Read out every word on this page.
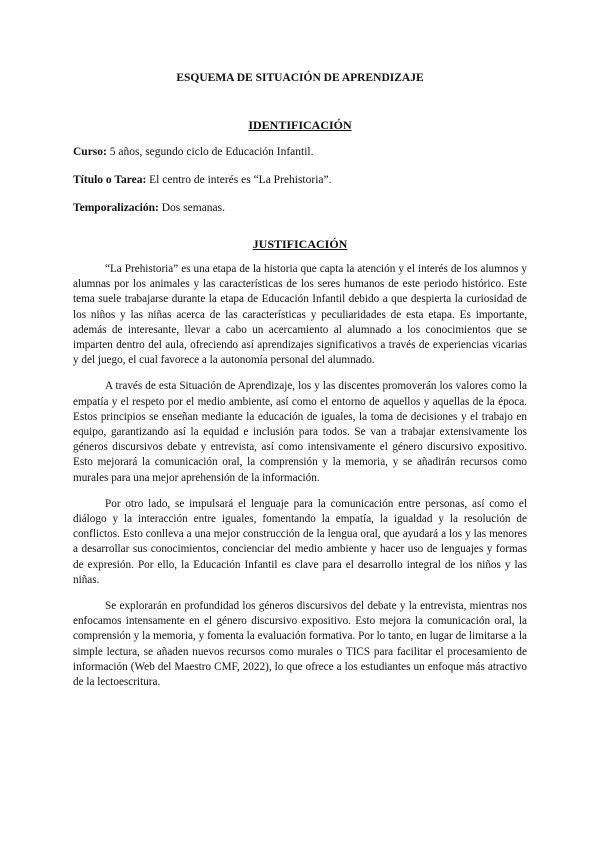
ESQUEMA DE SITUACIÓN DE APRENDIZAJE
IDENTIFICACIÓN

Curso: 5 años, segundo ciclo de Educación Infantil.

Título o Tarea: El centro de interés es “La Prehistoria”.

Temporalización: Dos semanas.

JUSTIFICACIÓN

“La Prehistoria” es una etapa de la historia que capta la atención y el interés de los alumnos y alumnas por los animales y las características de los seres humanos de este periodo histórico. Este tema suele trabajarse durante la etapa de Educación Infantil debido a que despierta la curiosidad de los niños y las niñas acerca de las características y peculiaridades de esta etapa. Es importante, además de interesante, llevar a cabo un acercamiento al alumnado a los conocimientos que se imparten dentro del aula, ofreciendo así aprendizajes significativos a través de experiencias vicarias y del juego, el cual favorece a la autonomía personal del alumnado.

A través de esta Situación de Aprendizaje, los y las discentes promoverán los valores como la empatía y el respeto por el medio ambiente, así como el entorno de aquellos y aquellas de la época. Estos principios se enseñan mediante la educación de iguales, la toma de decisiones y el trabajo en equipo, garantizando así la equidad e inclusión para todos. Se van a trabajar extensivamente los géneros discursivos debate y entrevista, así como intensivamente el género discursivo expositivo. Esto mejorará la comunicación oral, la comprensión y la memoria, y se añadirán recursos como murales para una mejor aprehensión de la información.

Por otro lado, se impulsará el lenguaje para la comunicación entre personas, así como el diálogo y la interacción entre iguales, fomentando la empatía, la igualdad y la resolución de conflictos. Esto conlleva a una mejor construcción de la lengua oral, que ayudará a los y las menores a desarrollar sus conocimientos, concienciar del medio ambiente y hacer uso de lenguajes y formas de expresión. Por ello, la Educación Infantil es clave para el desarrollo integral de los niños y las niñas.

Se explorarán en profundidad los géneros discursivos del debate y la entrevista, mientras nos enfocamos intensamente en el género discursivo expositivo. Esto mejora la comunicación oral, la comprensión y la memoria, y fomenta la evaluación formativa. Por lo tanto, en lugar de limitarse a la simple lectura, se añaden nuevos recursos como murales o TICS para facilitar el procesamiento de información (Web del Maestro CMF, 2022), lo que ofrece a los estudiantes un enfoque más atractivo de la lectoescritura.
